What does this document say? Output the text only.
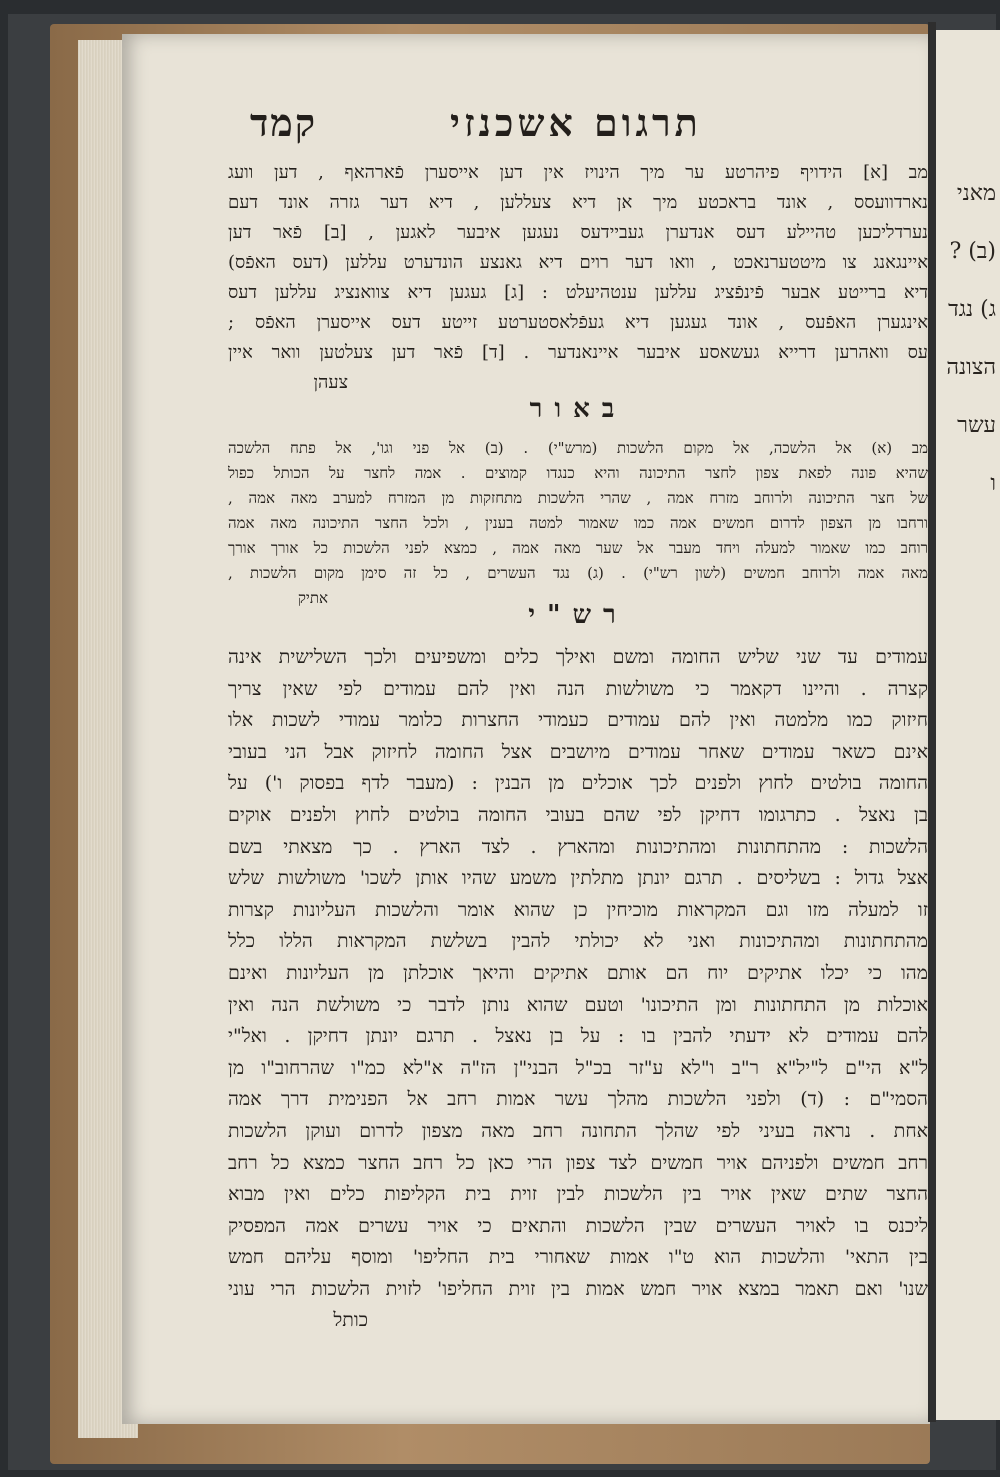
מאני
(ב) ?
ג) נגד
הצונה
עשר
ו
קמד	תרגום אשכנזי
מב [א] הידויף פיהרטע ער מיך הינויז אין דען אייסערן פֿארהאף , דען וועג
נארדוועסס , אונד בראכטע מיך אן דיא צעללען , דיא דער גזרה אונד דעם
נערדליכען טהיילע דעס אנדערן געביידעס נעגען איבער לאגען , [ב] פֿאר דען
איינגאנג צו מיטטערנאכט , וואו דער רוים דיא גאנצע הונדערט עללען (דעס האפֿס)
דיא ברייטע אבער פֿינפֿציג עללען ענטהיעלט : [ג] געגען דיא צוואנציג עללען דעס
אינגערן האפֿעס , אונד געגען דיא געפֿלאסטערטע זייטע דעס אייסערן האפֿס ;
עס וואהרען דרייא געשאסע איבער איינאנדער . [ד] פֿאר דען צעלטען וואר איין
צעהן
באור
מב (א) אל הלשכה, אל מקום הלשכות (מרש"י) . (ב) אל פני וגו', אל פתח הלשכה
שהיא פונה לפאת צפון לחצר התיכונה והיא כנגדו קמוצים . אמה לחצר על הכותל כפול
של חצר התיכונה ולרוחב מזרח אמה , שהרי הלשכות מתחזקות מן המזרח למערב מאה אמה ,
ורחבו מן הצפון לדרום חמשים אמה כמו שאמור למטה בענין , ולכל החצר התיכונה מאה אמה
רוחב כמו שאמור למעלה ויחד מעבר אל שער מאה אמה , כמצא לפני הלשכות כל אורך אורך
מאה אמה ולרוחב חמשים (לשון רש"י) . (ג) נגד העשרים , כל זה סימן מקום הלשכות ,
אתיק
רש"י
עמודים עד שני שליש החומה ומשם ואילך כלים ומשפיעים ולכך השלישית אינה
קצרה . והיינו דקאמר כי משולשות הנה ואין להם עמודים לפי שאין צריך
חיזוק כמו מלמטה ואין להם עמודים כעמודי החצרות כלומר עמודי לשכות אלו
אינם כשאר עמודים שאחר עמודים מיושבים אצל החומה לחיזוק אבל הני בעובי
החומה בולטים לחוץ ולפנים לכך אוכלים מן הבנין : (מעבר לדף בפסוק ו') על
בן נאצל . כתרגומו דחיקן לפי שהם בעובי החומה בולטים לחוץ ולפנים אוקים
הלשכות : מהתחתונות ומהתיכונות ומהארץ . לצד הארץ . כך מצאתי בשם
אצל גדול : בשליסים . תרגם יונתן מתלתין משמע שהיו אותן לשכו' משולשות שלש
זו למעלה מזו וגם המקראות מוכיחין כן שהוא אומר והלשכות העליונות קצרות
מהתחתונות ומהתיכונות ואני לא יכולתי להבין בשלשת המקראות הללו כלל
מהו כי יכלו אתיקים יוח הם אותם אתיקים והיאך אוכלתן מן העליונות ואינם
אוכלות מן התחתונות ומן התיכונו' וטעם שהוא נותן לדבר כי משולשת הנה ואין
להם עמודים לא ידעתי להבין בו : על בן נאצל . תרגם יונתן דחיקן . ואל"י
ל"א הי"ם ל"יל"א ר"ב ו"לא ע"זר בכ"ל הבני"ן הז"ה א"לא כמ"ו שהרחוב"ו מן
הסמי"ם : (ד) ולפני הלשכות מהלך עשר אמות רחב אל הפנימית דרך אמה
אחת . נראה בעיני לפי שהלך התחונה רחב מאה מצפון לדרום ועוקן הלשכות
רחב חמשים ולפניהם אויר חמשים לצד צפון הרי כאן כל רחב החצר כמצא כל רחב
החצר שתים שאין אויר בין הלשכות לבין זוית בית הקליפות כלים ואין מבוא
ליכנס בו לאויר העשרים שבין הלשכות והתאים כי אויר עשרים אמה המפסיק
בין התאי' והלשכות הוא ט"ו אמות שאחורי בית החליפו' ומוסף עליהם חמש
שנו' ואם תאמר במצא אויר חמש אמות בין זוית החליפו' לזוית הלשכות הרי עוני
כותל
